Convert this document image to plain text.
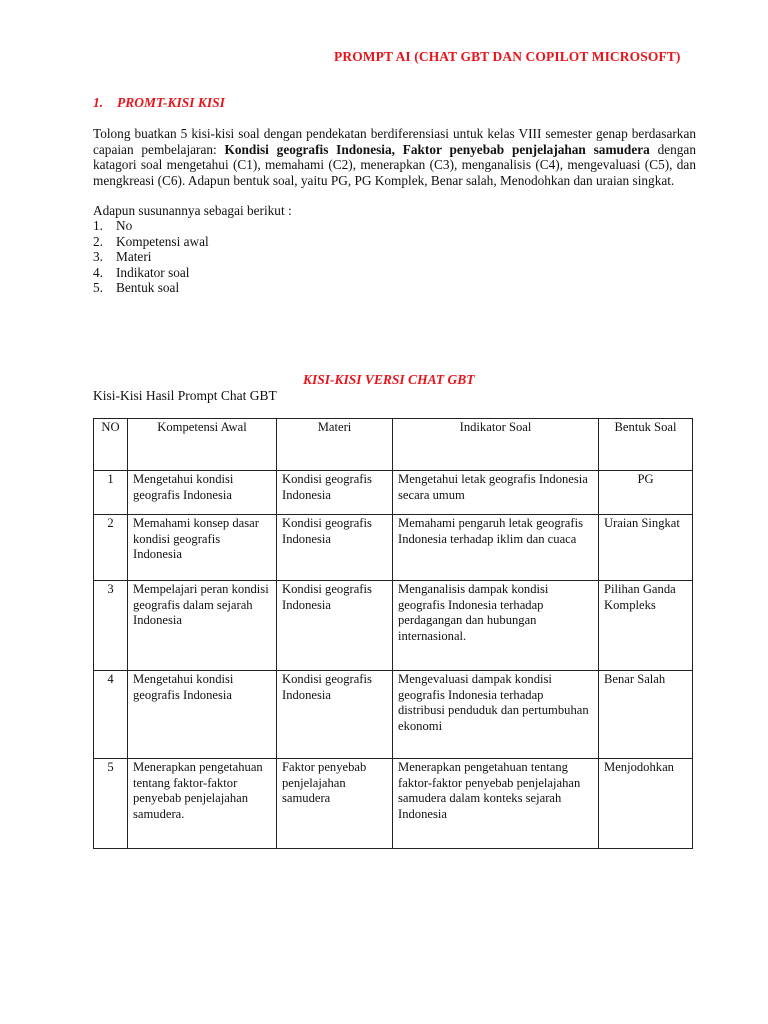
PROMPT AI (CHAT GBT DAN COPILOT MICROSOFT)
1. PROMT-KISI KISI

Tolong buatkan 5 kisi-kisi soal dengan pendekatan berdiferensiasi untuk kelas VIII semester genap berdasarkan capaian pembelajaran: Kondisi geografis Indonesia, Faktor penyebab penjelajahan samudera dengan katagori soal mengetahui (C1), memahami (C2), menerapkan (C3), menganalisis (C4), mengevaluasi (C5), dan mengkreasi (C6). Adapun bentuk soal, yaitu PG, PG Komplek, Benar salah, Menodohkan dan uraian singkat.

Adapun susunannya sebagai berikut :

1. No
2. Kompetensi awal
3. Materi
4. Indikator soal
5. Bentuk soal
KISI-KISI VERSI CHAT GBT

Kisi-Kisi Hasil Prompt Chat GBT

NO	Kompetensi Awal	Materi	Indikator Soal	Bentuk Soal
1	Mengetahui kondisi geografis Indonesia	Kondisi geografis Indonesia	Mengetahui letak geografis Indonesia secara umum	PG
2	Memahami konsep dasar kondisi geografis Indonesia	Kondisi geografis Indonesia	Memahami pengaruh letak geografis Indonesia terhadap iklim dan cuaca	Uraian Singkat
3	Mempelajari peran kondisi geografis dalam sejarah Indonesia	Kondisi geografis Indonesia	Menganalisis dampak kondisi geografis Indonesia terhadap perdagangan dan hubungan internasional.	Pilihan Ganda Kompleks
4	Mengetahui kondisi geografis Indonesia	Kondisi geografis Indonesia	Mengevaluasi dampak kondisi geografis Indonesia terhadap distribusi penduduk dan pertumbuhan ekonomi	Benar Salah
5	Menerapkan pengetahuan tentang faktor-faktor penyebab penjelajahan samudera.	Faktor penyebab penjelajahan samudera	Menerapkan pengetahuan tentang faktor-faktor penyebab penjelajahan samudera dalam konteks sejarah Indonesia	Menjodohkan
